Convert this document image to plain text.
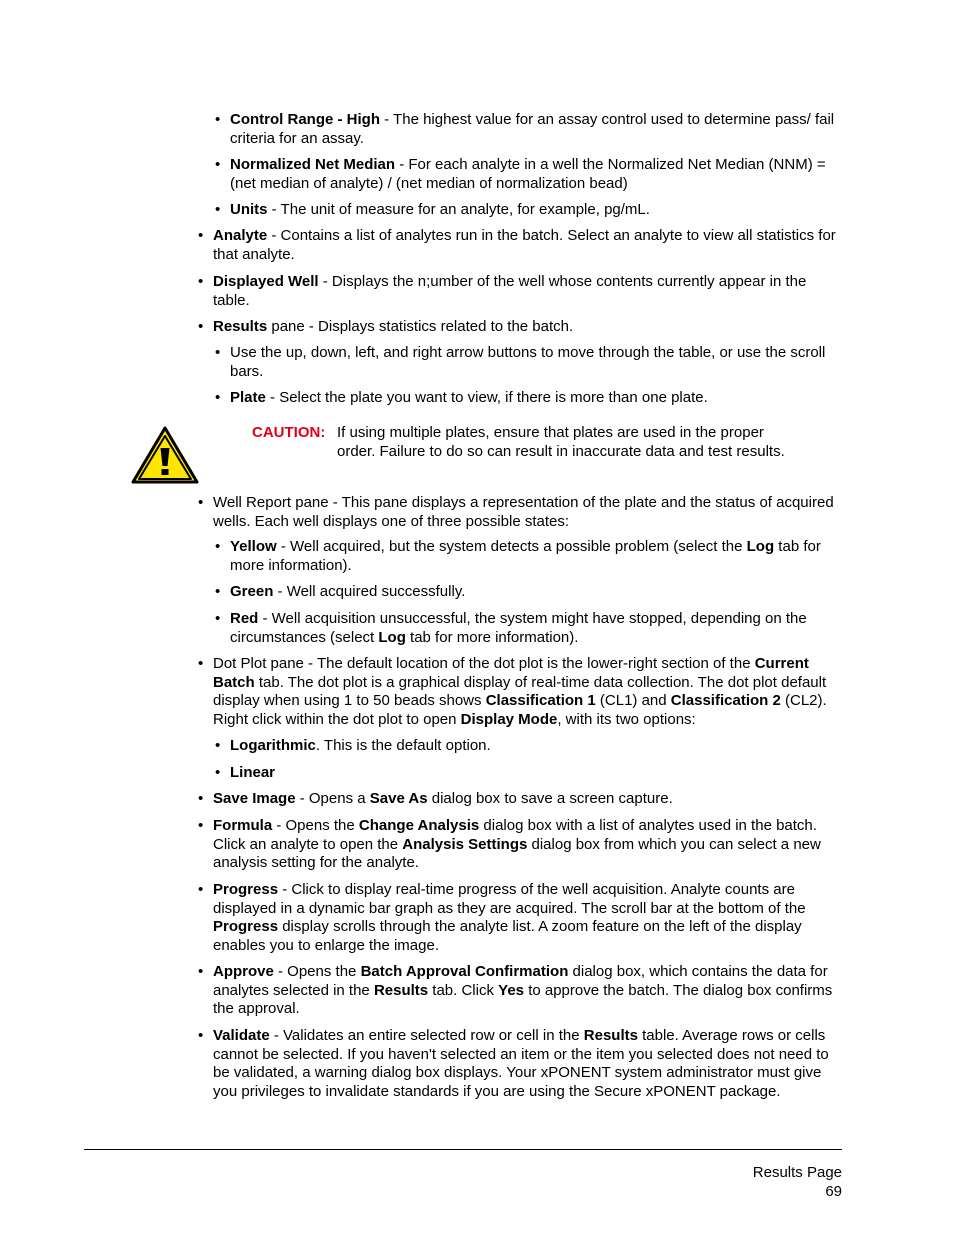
• Control Range - High - The highest value for an assay control used to determine pass/ fail criteria for an assay.

• Normalized Net Median - For each analyte in a well the Normalized Net Median (NNM) = (net median of analyte) / (net median of normalization bead)

• Units - The unit of measure for an analyte, for example, pg/mL.

• Analyte - Contains a list of analytes run in the batch. Select an analyte to view all statistics for that analyte.

• Displayed Well - Displays the n;umber of the well whose contents currently appear in the table.

• Results pane - Displays statistics related to the batch.

• Use the up, down, left, and right arrow buttons to move through the table, or use the scroll bars.

• Plate - Select the plate you want to view, if there is more than one plate.

CAUTION: If using multiple plates, ensure that plates are used in the proper order. Failure to do so can result in inaccurate data and test results.

• Well Report pane - This pane displays a representation of the plate and the status of acquired wells. Each well displays one of three possible states:

• Yellow - Well acquired, but the system detects a possible problem (select the Log tab for more information).

• Green - Well acquired successfully.

• Red - Well acquisition unsuccessful, the system might have stopped, depending on the circumstances (select Log tab for more information).

• Dot Plot pane - The default location of the dot plot is the lower-right section of the Current Batch tab. The dot plot is a graphical display of real-time data collection. The dot plot default display when using 1 to 50 beads shows Classification 1 (CL1) and Classification 2 (CL2). Right click within the dot plot to open Display Mode, with its two options:

• Logarithmic. This is the default option.

• Linear

• Save Image - Opens a Save As dialog box to save a screen capture.

• Formula - Opens the Change Analysis dialog box with a list of analytes used in the batch. Click an analyte to open the Analysis Settings dialog box from which you can select a new analysis setting for the analyte.

• Progress - Click to display real-time progress of the well acquisition. Analyte counts are displayed in a dynamic bar graph as they are acquired. The scroll bar at the bottom of the Progress display scrolls through the analyte list. A zoom feature on the left of the display enables you to enlarge the image.

• Approve - Opens the Batch Approval Confirmation dialog box, which contains the data for analytes selected in the Results tab. Click Yes to approve the batch. The dialog box confirms the approval.

• Validate - Validates an entire selected row or cell in the Results table. Average rows or cells cannot be selected. If you haven't selected an item or the item you selected does not need to be validated, a warning dialog box displays. Your xPONENT system administrator must give you privileges to invalidate standards if you are using the Secure xPONENT package.

Results Page
69
